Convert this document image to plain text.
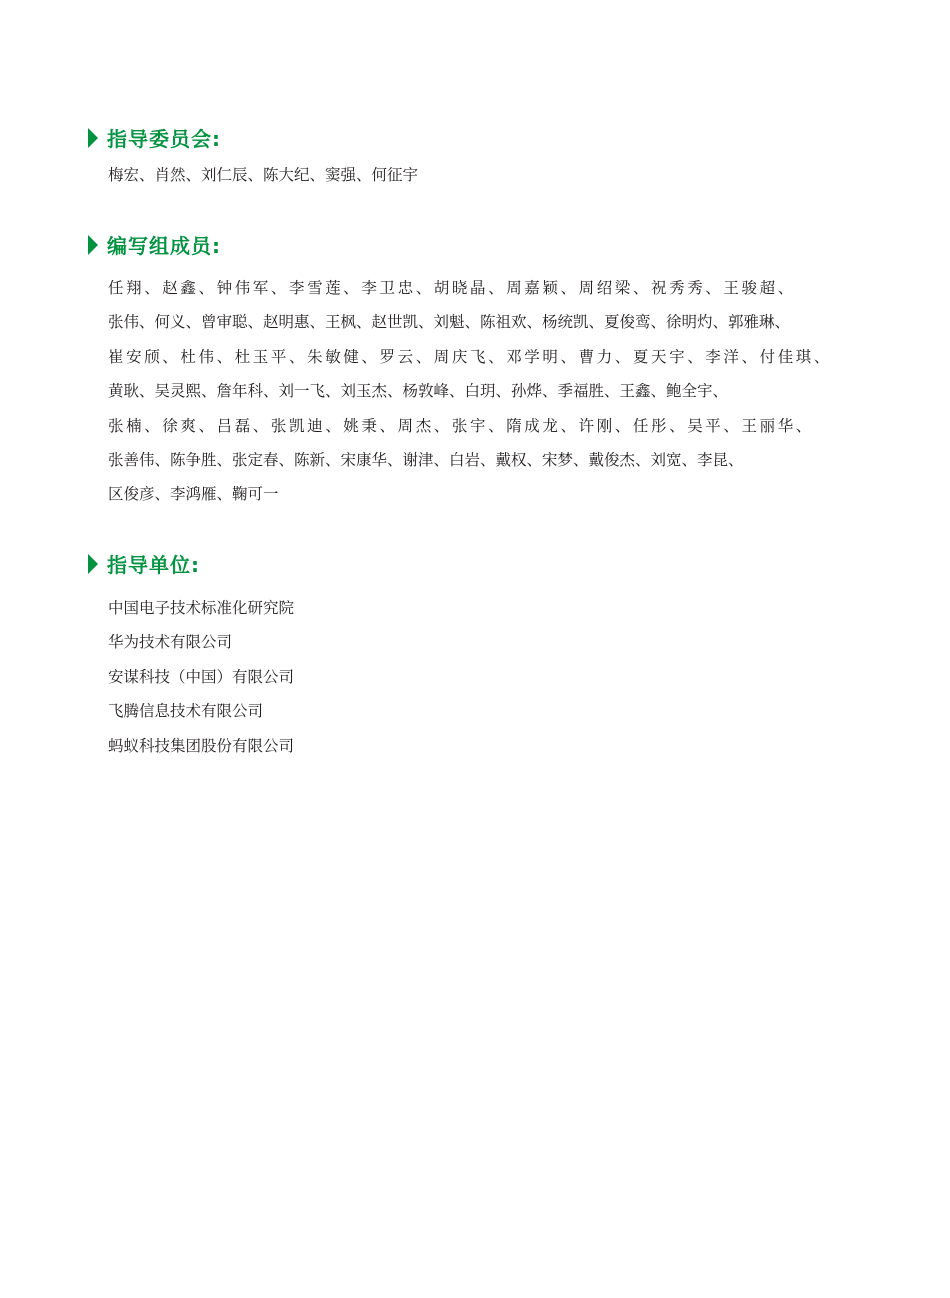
指导委员会:
梅宏、肖然、刘仁辰、陈大纪、窦强、何征宇
编写组成员:
任翔、赵鑫、钟伟军、李雪莲、李卫忠、胡晓晶、周嘉颖、周绍梁、祝秀秀、王骏超、
张伟、何义、曾审聪、赵明惠、王枫、赵世凯、刘魁、陈祖欢、杨统凯、夏俊鸾、徐明灼、郭雅琳、
崔安颀、杜伟、杜玉平、朱敏健、罗云、周庆飞、邓学明、曹力、夏天宇、李洋、付佳琪、
黄耿、吴灵熙、詹年科、刘一飞、刘玉杰、杨敦峰、白玥、孙烨、季福胜、王鑫、鲍全宇、
张楠、徐爽、吕磊、张凯迪、姚秉、周杰、张宇、隋成龙、许刚、任彤、吴平、王丽华、
张善伟、陈争胜、张定春、陈新、宋康华、谢津、白岩、戴权、宋梦、戴俊杰、刘宽、李昆、
区俊彦、李鸿雁、鞠可一
指导单位:
中国电子技术标准化研究院
华为技术有限公司
安谋科技（中国）有限公司
飞腾信息技术有限公司
蚂蚁科技集团股份有限公司
